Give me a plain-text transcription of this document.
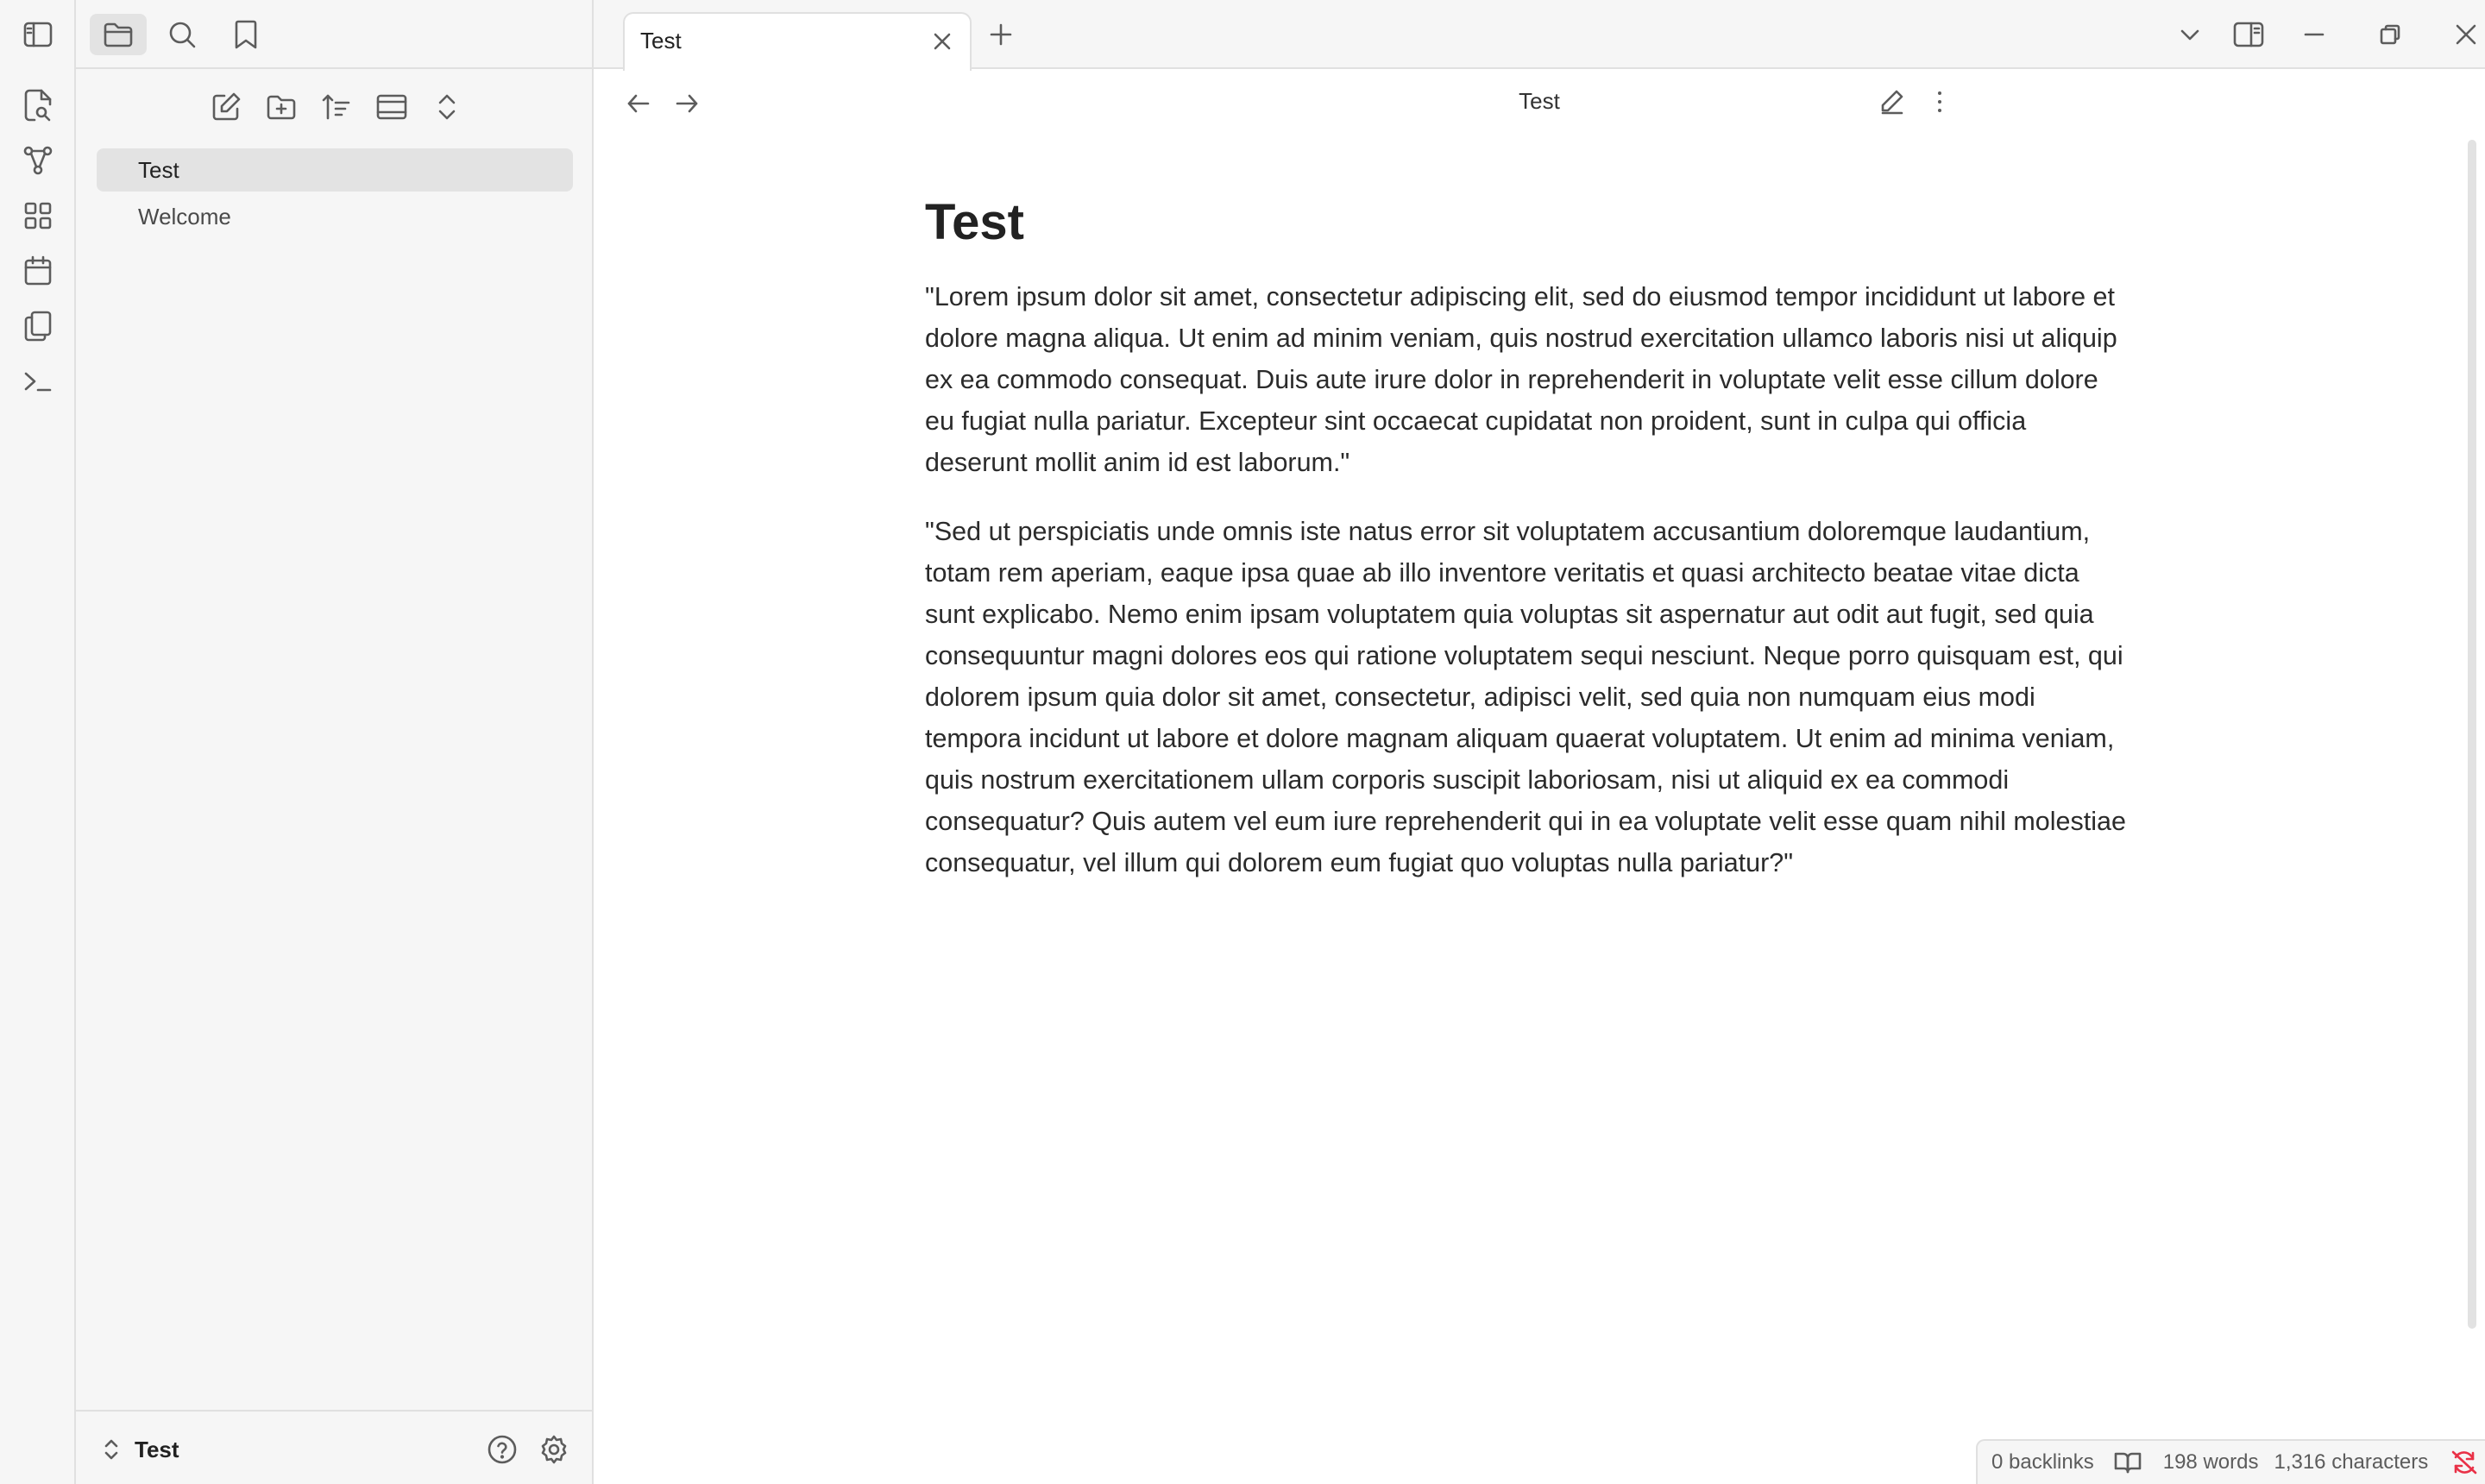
Test
Welcome
Test
Test
Test
Test

"Lorem ipsum dolor sit amet, consectetur adipiscing elit, sed do eiusmod tempor incididunt ut labore et dolore magna aliqua. Ut enim ad minim veniam, quis nostrud exercitation ullamco laboris nisi ut aliquip ex ea commodo consequat. Duis aute irure dolor in reprehenderit in voluptate velit esse cillum dolore eu fugiat nulla pariatur. Excepteur sint occaecat cupidatat non proident, sunt in culpa qui officia deserunt mollit anim id est laborum."

"Sed ut perspiciatis unde omnis iste natus error sit voluptatem accusantium doloremque laudantium, totam rem aperiam, eaque ipsa quae ab illo inventore veritatis et quasi architecto beatae vitae dicta sunt explicabo. Nemo enim ipsam voluptatem quia voluptas sit aspernatur aut odit aut fugit, sed quia consequuntur magni dolores eos qui ratione voluptatem sequi nesciunt. Neque porro quisquam est, qui dolorem ipsum quia dolor sit amet, consectetur, adipisci velit, sed quia non numquam eius modi tempora incidunt ut labore et dolore magnam aliquam quaerat voluptatem. Ut enim ad minima veniam, quis nostrum exercitationem ullam corporis suscipit laboriosam, nisi ut aliquid ex ea commodi consequatur? Quis autem vel eum iure reprehenderit qui in ea voluptate velit esse quam nihil molestiae consequatur, vel illum qui dolorem eum fugiat quo voluptas nulla pariatur?"

0 backlinks	198 words 1,316 characters
